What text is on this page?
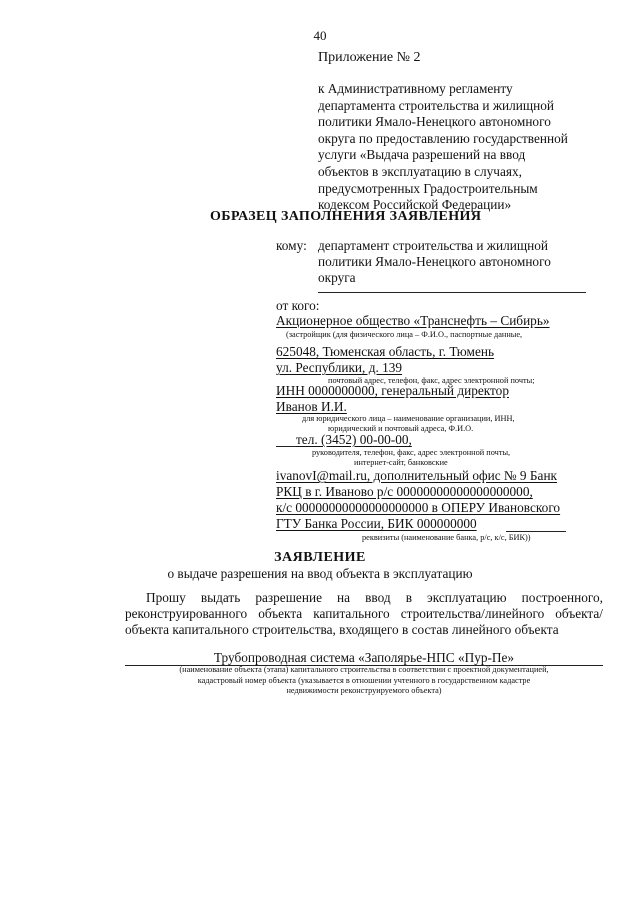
40
Приложение № 2
к Административному регламенту
департамента строительства и жилищной
политики Ямало-Ненецкого автономного
округа по предоставлению государственной
услуги «Выдача разрешений на ввод
объектов в эксплуатацию в случаях,
предусмотренных Градостроительным
кодексом Российской Федерации»
ОБРАЗЕЦ ЗАПОЛНЕНИЯ ЗАЯВЛЕНИЯ
кому: департамент строительства и жилищной
политики Ямало-Ненецкого автономного
округа
от кого:
Акционерное общество «Транснефть – Сибирь»
(застройщик (для физического лица – Ф.И.О., паспортные данные,
625048, Тюменская область, г. Тюмень
ул. Республики, д. 139
почтовый адрес, телефон, факс, адрес электронной почты;
ИНН 0000000000, генеральный директор
Иванов И.И.
для юридического лица – наименование организации, ИНН,
юридический и почтовый адреса, Ф.И.О.
тел. (3452) 00-00-00,
руководителя, телефон, факс, адрес электронной почты,
интернет-сайт, банковские
ivanovI@mail.ru, дополнительный офис № 9 Банк
РКЦ в г. Иваново р/с 00000000000000000000,
к/с 00000000000000000000 в ОПЕРУ Ивановского
ГТУ Банка России, БИК 000000000
реквизиты (наименование банка, р/с, к/с, БИК))
ЗАЯВЛЕНИЕ
о выдаче разрешения на ввод объекта в эксплуатацию
Прошу выдать разрешение на ввод в эксплуатацию построенного, реконструированного объекта капитального строительства/линейного объекта/объекта капитального строительства, входящего в состав линейного объекта
Трубопроводная система «Заполярье-НПС «Пур-Пе»
(наименование объекта (этапа) капитального строительства в соответствии с проектной документацией,
кадастровый номер объекта (указывается в отношении учтенного в государственном кадастре
недвижимости реконструируемого объекта)
